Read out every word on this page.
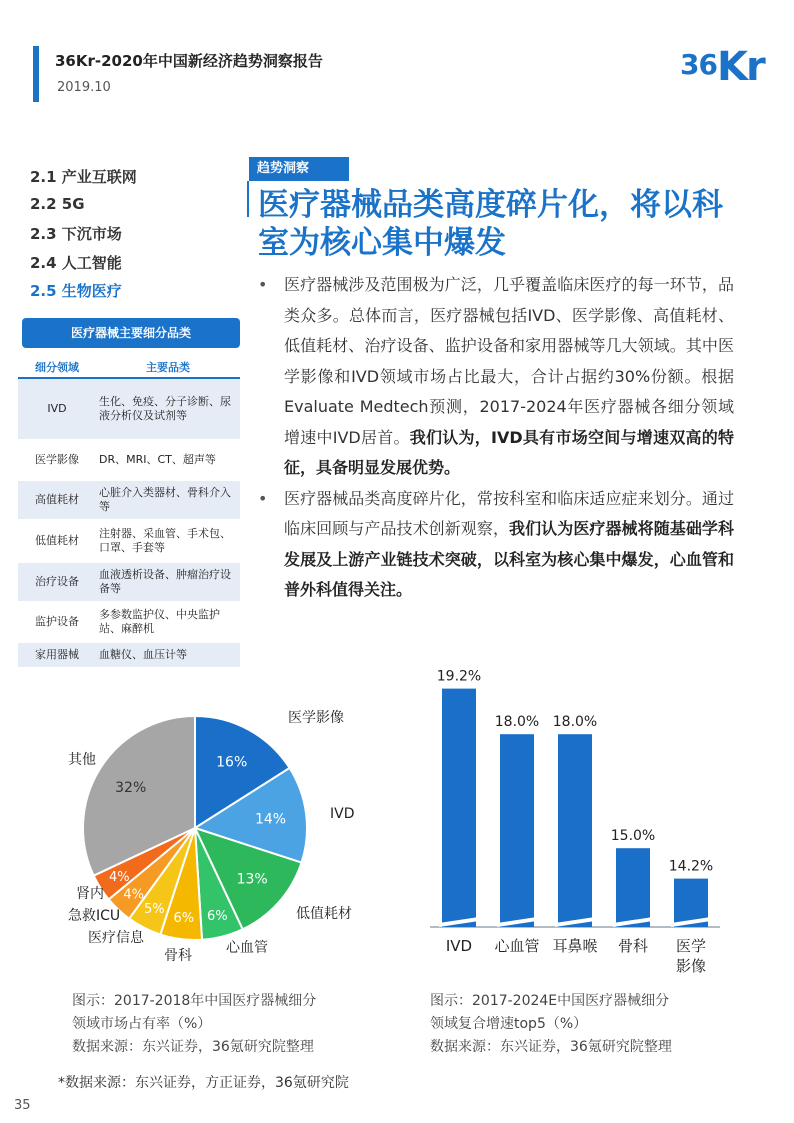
36Kr-2020年中国新经济趋势洞察报告
2019.10
36Kr
2.1 产业互联网
2.2 5G
2.3 下沉市场
2.4 人工智能
2.5 生物医疗
医疗器械主要细分品类
细分领域	主要品类
IVD	生化、免疫、分子诊断、尿液分析仪及试剂等
医学影像	DR、MRI、CT、超声等
高值耗材	心脏介入类器材、骨科介入等
低值耗材	注射器、采血管、手术包、口罩、手套等
治疗设备	血液透析设备、肿瘤治疗设备等
监护设备	多参数监护仪、中央监护站、麻醉机
家用器械	血糖仪、血压计等
趋势洞察
医疗器械品类高度碎片化，将以科室为核心集中爆发
• 医疗器械涉及范围极为广泛，几乎覆盖临床医疗的每一环节，品类众多。总体而言，医疗器械包括IVD、医学影像、高值耗材、低值耗材、治疗设备、监护设备和家用器械等几大领域。其中医学影像和IVD领域市场占比最大，合计占据约30%份额。根据Evaluate Medtech预测，2017-2024年医疗器械各细分领域增速中IVD居首。我们认为，IVD具有市场空间与增速双高的特征，具备明显发展优势。
• 医疗器械品类高度碎片化，常按科室和临床适应症来划分。通过临床回顾与产品技术创新观察，我们认为医疗器械将随基础学科发展及上游产业链技术突破，以科室为核心集中爆发，心血管和普外科值得关注。
16%
医学影像
14%	IVD
13%
低值耗材
6%
心血管
6%
骨科
5%
医疗信息
4%
急救ICU
4%
肾内
32%
其他
19.2%
IVD
18.0%
心血管
18.0%
耳鼻喉
15.0%
骨科
14.2%
医学
影像
图示：2017-2018年中国医疗器械细分
领域市场占有率（%）
数据来源：东兴证券，36氪研究院整理
图示：2017-2024E中国医疗器械细分
领域复合增速top5（%）
数据来源：东兴证券，36氪研究院整理
*数据来源：东兴证券，方正证券，36氪研究院
35
